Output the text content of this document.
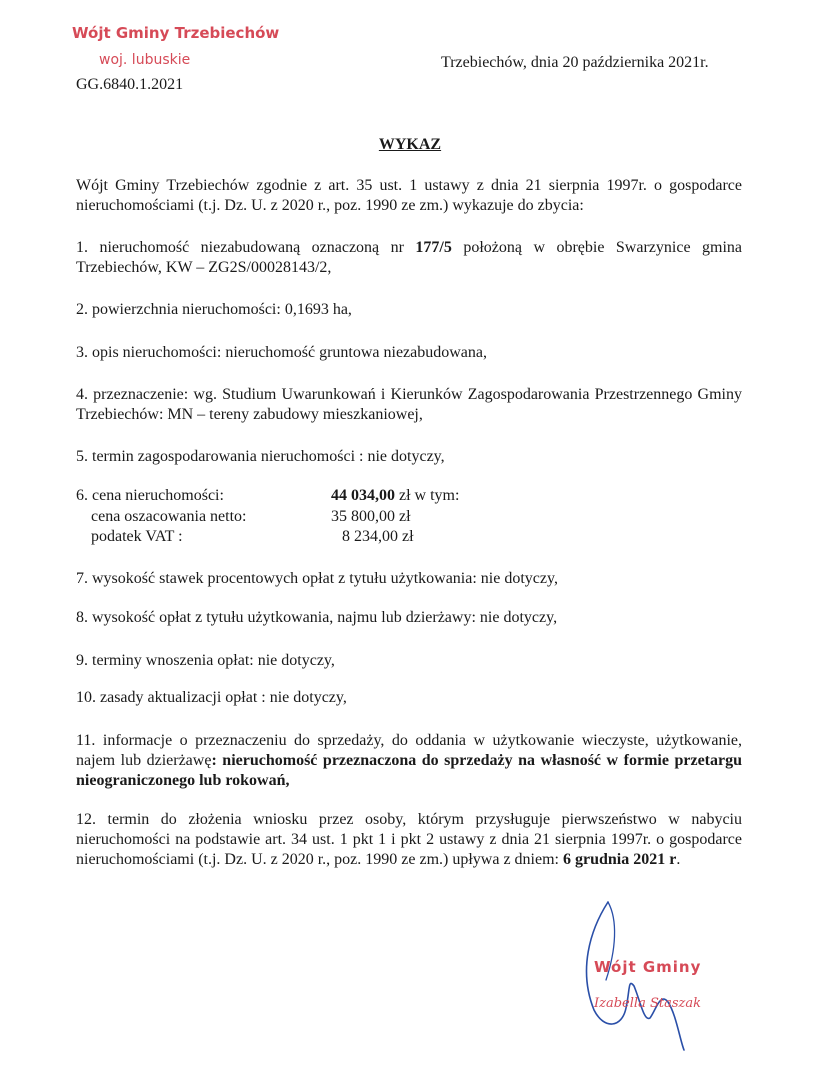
Wójt Gminy Trzebiechów
woj. lubuskie
GG.6840.1.2021
Trzebiechów, dnia 20 października 2021r.
WYKAZ
Wójt Gminy Trzebiechów zgodnie z art. 35 ust. 1 ustawy z dnia 21 sierpnia 1997r. o gospodarce nieruchomościami (t.j. Dz. U. z 2020 r., poz. 1990 ze zm.) wykazuje do zbycia:
1. nieruchomość niezabudowaną oznaczoną nr 177/5 położoną w obrębie Swarzynice gmina Trzebiechów, KW – ZG2S/00028143/2,
2. powierzchnia nieruchomości: 0,1693 ha,
3. opis nieruchomości: nieruchomość gruntowa niezabudowana,
4. przeznaczenie: wg. Studium Uwarunkowań i Kierunków Zagospodarowania Przestrzennego Gminy Trzebiechów: MN – tereny zabudowy mieszkaniowej,
5. termin zagospodarowania nieruchomości : nie dotyczy,
6. cena nieruchomości:	44 034,00 zł w tym:
cena oszacowania netto:	35 800,00 zł
podatek VAT :	8 234,00 zł
7. wysokość stawek procentowych opłat z tytułu użytkowania: nie dotyczy,
8. wysokość opłat z tytułu użytkowania, najmu lub dzierżawy: nie dotyczy,
9. terminy wnoszenia opłat: nie dotyczy,
10. zasady aktualizacji opłat : nie dotyczy,
11. informacje o przeznaczeniu do sprzedaży, do oddania w użytkowanie wieczyste, użytkowanie, najem lub dzierżawę: nieruchomość przeznaczona do sprzedaży na własność w formie przetargu nieograniczonego lub rokowań,
12. termin do złożenia wniosku przez osoby, którym przysługuje pierwszeństwo w nabyciu nieruchomości na podstawie art. 34 ust. 1 pkt 1 i pkt 2 ustawy z dnia 21 sierpnia 1997r. o gospodarce nieruchomościami (t.j. Dz. U. z 2020 r., poz. 1990 ze zm.) upływa z dniem: 6 grudnia 2021 r.
Wójt Gminy
Izabella Staszak
